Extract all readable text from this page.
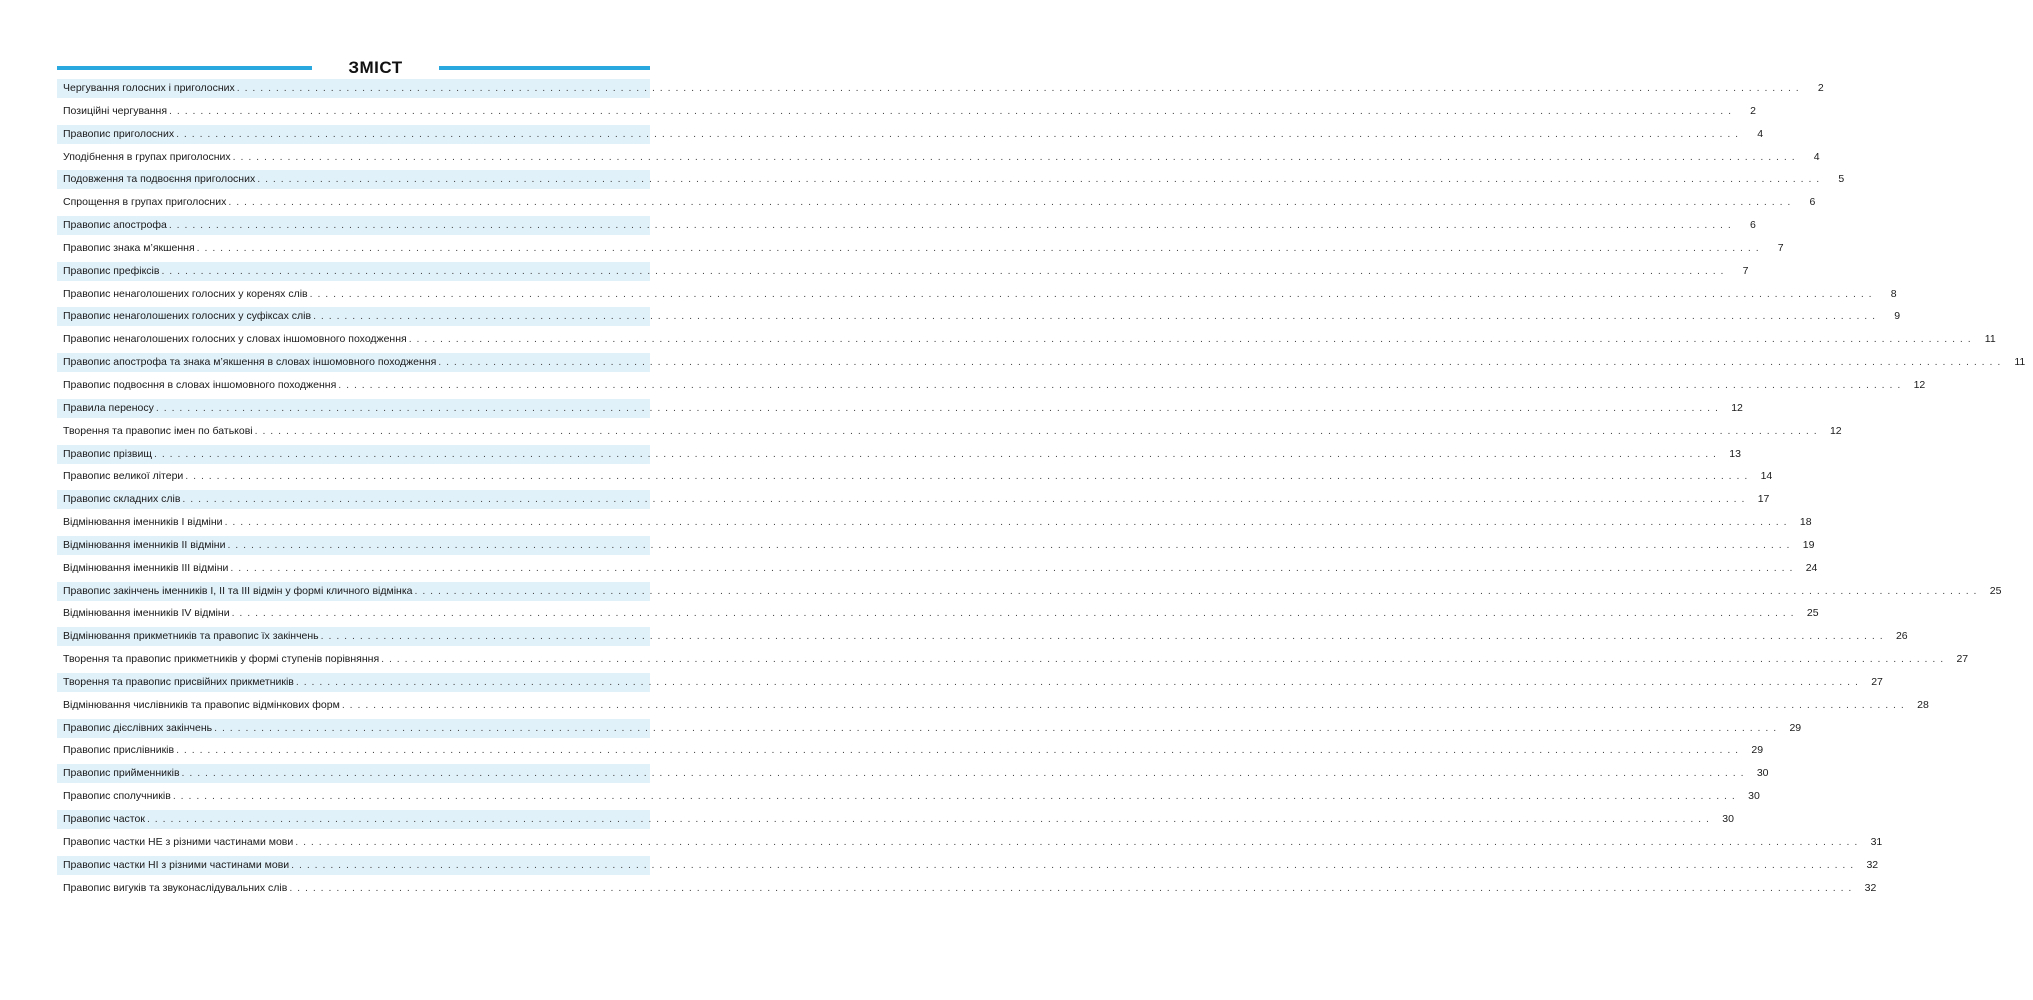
ЗМІСТ
Чергування голосних і приголосних . . . . . . . . . . . . . . . . . . . . . . . . . . . . . . . . . . . . . . . . . . . . . . . . . . . . . . . . . . . . . . . . . . . . . . . . . . . . . . . . . . . . . . . . . . . . . . . . . . . . . . . . . . . . . . . . . . . . . . . . . . . . . . . . . . . . . . . . . . . . . . . . . . . . . . . . . . . . . . . . . . . . . . . . . . . . . . . . . . . . . . . . . . . . . . . . . . . . . . . .	2
Позиційні чергування . . . . . . . . . . . . . . . . . . . . . . . . . . . . . . . . . . . . . . . . . . . . . . . . . . . . . . . . . . . . . . . . . . . . . . . . . . . . . . . . . . . . . . . . . . . . . . . . . . . . . . . . . . . . . . . . . . . . . . . . . . . . . . . . . . . . . . . . . . . . . . . . . . . . . . . . . . . . . . . . . . . . . . . . . . . . . . . . . . . . . . . . . . . . . . . . . . . . . . . .	2
Правопис приголосних . . . . . . . . . . . . . . . . . . . . . . . . . . . . . . . . . . . . . . . . . . . . . . . . . . . . . . . . . . . . . . . . . . . . . . . . . . . . . . . . . . . . . . . . . . . . . . . . . . . . . . . . . . . . . . . . . . . . . . . . . . . . . . . . . . . . . . . . . . . . . . . . . . . . . . . . . . . . . . . . . . . . . . . . . . . . . . . . . . . . . . . . . . . . . . . . . . . . . . . .	4
Уподібнення в групах приголосних . . . . . . . . . . . . . . . . . . . . . . . . . . . . . . . . . . . . . . . . . . . . . . . . . . . . . . . . . . . . . . . . . . . . . . . . . . . . . . . . . . . . . . . . . . . . . . . . . . . . . . . . . . . . . . . . . . . . . . . . . . . . . . . . . . . . . . . . . . . . . . . . . . . . . . . . . . . . . . . . . . . . . . . . . . . . . . . . . . . . . . . . . . . . . . . . . . . . . . . .	4
Подовження та подвоєння приголосних . . . . . . . . . . . . . . . . . . . . . . . . . . . . . . . . . . . . . . . . . . . . . . . . . . . . . . . . . . . . . . . . . . . . . . . . . . . . . . . . . . . . . . . . . . . . . . . . . . . . . . . . . . . . . . . . . . . . . . . . . . . . . . . . . . . . . . . . . . . . . . . . . . . . . . . . . . . . . . . . . . . . . . . . . . . . . . . . . . . . . . . . . . . . . . . . . . . . . . . .	5
Спрощення в групах приголосних . . . . . . . . . . . . . . . . . . . . . . . . . . . . . . . . . . . . . . . . . . . . . . . . . . . . . . . . . . . . . . . . . . . . . . . . . . . . . . . . . . . . . . . . . . . . . . . . . . . . . . . . . . . . . . . . . . . . . . . . . . . . . . . . . . . . . . . . . . . . . . . . . . . . . . . . . . . . . . . . . . . . . . . . . . . . . . . . . . . . . . . . . . . . . . . . . . . . . . . .	6
Правопис апострофа . . . . . . . . . . . . . . . . . . . . . . . . . . . . . . . . . . . . . . . . . . . . . . . . . . . . . . . . . . . . . . . . . . . . . . . . . . . . . . . . . . . . . . . . . . . . . . . . . . . . . . . . . . . . . . . . . . . . . . . . . . . . . . . . . . . . . . . . . . . . . . . . . . . . . . . . . . . . . . . . . . . . . . . . . . . . . . . . . . . . . . . . . . . . . . . . . . . . . . . .	6
Правопис знака м’якшення . . . . . . . . . . . . . . . . . . . . . . . . . . . . . . . . . . . . . . . . . . . . . . . . . . . . . . . . . . . . . . . . . . . . . . . . . . . . . . . . . . . . . . . . . . . . . . . . . . . . . . . . . . . . . . . . . . . . . . . . . . . . . . . . . . . . . . . . . . . . . . . . . . . . . . . . . . . . . . . . . . . . . . . . . . . . . . . . . . . . . . . . . . . . . . . . . . . . . . . .	7
Правопис префіксів . . . . . . . . . . . . . . . . . . . . . . . . . . . . . . . . . . . . . . . . . . . . . . . . . . . . . . . . . . . . . . . . . . . . . . . . . . . . . . . . . . . . . . . . . . . . . . . . . . . . . . . . . . . . . . . . . . . . . . . . . . . . . . . . . . . . . . . . . . . . . . . . . . . . . . . . . . . . . . . . . . . . . . . . . . . . . . . . . . . . . . . . . . . . . . . . . . . . . . . .	7
Правопис ненаголошених голосних у коренях слів . . . . . . . . . . . . . . . . . . . . . . . . . . . . . . . . . . . . . . . . . . . . . . . . . . . . . . . . . . . . . . . . . . . . . . . . . . . . . . . . . . . . . . . . . . . . . . . . . . . . . . . . . . . . . . . . . . . . . . . . . . . . . . . . . . . . . . . . . . . . . . . . . . . . . . . . . . . . . . . . . . . . . . . . . . . . . . . . . . . . . . . . . . . . . . . . . . . . . . . .	8
Правопис ненаголошених голосних у суфіксах слів . . . . . . . . . . . . . . . . . . . . . . . . . . . . . . . . . . . . . . . . . . . . . . . . . . . . . . . . . . . . . . . . . . . . . . . . . . . . . . . . . . . . . . . . . . . . . . . . . . . . . . . . . . . . . . . . . . . . . . . . . . . . . . . . . . . . . . . . . . . . . . . . . . . . . . . . . . . . . . . . . . . . . . . . . . . . . . . . . . . . . . . . . . . . . . . . . . . . . . . .	9
Правопис ненаголошених голосних у словах іншомовного походження . . . . . . . . . . . . . . . . . . . . . . . . . . . . . . . . . . . . . . . . . . . . . . . . . . . . . . . . . . . . . . . . . . . . . . . . . . . . . . . . . . . . . . . . . . . . . . . . . . . . . . . . . . . . . . . . . . . . . . . . . . . . . . . . . . . . . . . . . . . . . . . . . . . . . . . . . . . . . . . . . . . . . . . . . . . . . . . . . . . . . . . . . . . . . . . . . . . . . . . .	11
Правопис апострофа та знака м’якшення в словах іншомовного походження . . . . . . . . . . . . . . . . . . . . . . . . . . . . . . . . . . . . . . . . . . . . . . . . . . . . . . . . . . . . . . . . . . . . . . . . . . . . . . . . . . . . . . . . . . . . . . . . . . . . . . . . . . . . . . . . . . . . . . . . . . . . . . . . . . . . . . . . . . . . . . . . . . . . . . . . . . . . . . . . . . . . . . . . . . . . . . . . . . . . . . . . . . . . . . . . . . . . . . . .	11
Правопис подвоєння в словах іншомовного походження . . . . . . . . . . . . . . . . . . . . . . . . . . . . . . . . . . . . . . . . . . . . . . . . . . . . . . . . . . . . . . . . . . . . . . . . . . . . . . . . . . . . . . . . . . . . . . . . . . . . . . . . . . . . . . . . . . . . . . . . . . . . . . . . . . . . . . . . . . . . . . . . . . . . . . . . . . . . . . . . . . . . . . . . . . . . . . . . . . . . . . . . . . . . . . . . . . . . . . . .	12
Правила переносу . . . . . . . . . . . . . . . . . . . . . . . . . . . . . . . . . . . . . . . . . . . . . . . . . . . . . . . . . . . . . . . . . . . . . . . . . . . . . . . . . . . . . . . . . . . . . . . . . . . . . . . . . . . . . . . . . . . . . . . . . . . . . . . . . . . . . . . . . . . . . . . . . . . . . . . . . . . . . . . . . . . . . . . . . . . . . . . . . . . . . . . . . . . . . . . . . . . . . . . .	12
Творення та правопис імен по батькові . . . . . . . . . . . . . . . . . . . . . . . . . . . . . . . . . . . . . . . . . . . . . . . . . . . . . . . . . . . . . . . . . . . . . . . . . . . . . . . . . . . . . . . . . . . . . . . . . . . . . . . . . . . . . . . . . . . . . . . . . . . . . . . . . . . . . . . . . . . . . . . . . . . . . . . . . . . . . . . . . . . . . . . . . . . . . . . . . . . . . . . . . . . . . . . . . . . . . . . .	12
Правопис прізвищ . . . . . . . . . . . . . . . . . . . . . . . . . . . . . . . . . . . . . . . . . . . . . . . . . . . . . . . . . . . . . . . . . . . . . . . . . . . . . . . . . . . . . . . . . . . . . . . . . . . . . . . . . . . . . . . . . . . . . . . . . . . . . . . . . . . . . . . . . . . . . . . . . . . . . . . . . . . . . . . . . . . . . . . . . . . . . . . . . . . . . . . . . . . . . . . . . . . . . . . .	13
Правопис великої літери . . . . . . . . . . . . . . . . . . . . . . . . . . . . . . . . . . . . . . . . . . . . . . . . . . . . . . . . . . . . . . . . . . . . . . . . . . . . . . . . . . . . . . . . . . . . . . . . . . . . . . . . . . . . . . . . . . . . . . . . . . . . . . . . . . . . . . . . . . . . . . . . . . . . . . . . . . . . . . . . . . . . . . . . . . . . . . . . . . . . . . . . . . . . . . . . . . . . . . . .	14
Правопис складних слів . . . . . . . . . . . . . . . . . . . . . . . . . . . . . . . . . . . . . . . . . . . . . . . . . . . . . . . . . . . . . . . . . . . . . . . . . . . . . . . . . . . . . . . . . . . . . . . . . . . . . . . . . . . . . . . . . . . . . . . . . . . . . . . . . . . . . . . . . . . . . . . . . . . . . . . . . . . . . . . . . . . . . . . . . . . . . . . . . . . . . . . . . . . . . . . . . . . . . . . .	17
Відмінювання іменників І відміни . . . . . . . . . . . . . . . . . . . . . . . . . . . . . . . . . . . . . . . . . . . . . . . . . . . . . . . . . . . . . . . . . . . . . . . . . . . . . . . . . . . . . . . . . . . . . . . . . . . . . . . . . . . . . . . . . . . . . . . . . . . . . . . . . . . . . . . . . . . . . . . . . . . . . . . . . . . . . . . . . . . . . . . . . . . . . . . . . . . . . . . . . . . . . . . . . . . . . . . .	18
Відмінювання іменників ІІ відміни . . . . . . . . . . . . . . . . . . . . . . . . . . . . . . . . . . . . . . . . . . . . . . . . . . . . . . . . . . . . . . . . . . . . . . . . . . . . . . . . . . . . . . . . . . . . . . . . . . . . . . . . . . . . . . . . . . . . . . . . . . . . . . . . . . . . . . . . . . . . . . . . . . . . . . . . . . . . . . . . . . . . . . . . . . . . . . . . . . . . . . . . . . . . . . . . . . . . . . . .	19
Відмінювання іменників ІІІ відміни . . . . . . . . . . . . . . . . . . . . . . . . . . . . . . . . . . . . . . . . . . . . . . . . . . . . . . . . . . . . . . . . . . . . . . . . . . . . . . . . . . . . . . . . . . . . . . . . . . . . . . . . . . . . . . . . . . . . . . . . . . . . . . . . . . . . . . . . . . . . . . . . . . . . . . . . . . . . . . . . . . . . . . . . . . . . . . . . . . . . . . . . . . . . . . . . . . . . . . . .	24
Правопис закінчень іменників І, ІІ та ІІІ відмін у формі кличного відмінка . . . . . . . . . . . . . . . . . . . . . . . . . . . . . . . . . . . . . . . . . . . . . . . . . . . . . . . . . . . . . . . . . . . . . . . . . . . . . . . . . . . . . . . . . . . . . . . . . . . . . . . . . . . . . . . . . . . . . . . . . . . . . . . . . . . . . . . . . . . . . . . . . . . . . . . . . . . . . . . . . . . . . . . . . . . . . . . . . . . . . . . . . . . . . . . . . . . . . . . .	25
Відмінювання іменників IV відміни . . . . . . . . . . . . . . . . . . . . . . . . . . . . . . . . . . . . . . . . . . . . . . . . . . . . . . . . . . . . . . . . . . . . . . . . . . . . . . . . . . . . . . . . . . . . . . . . . . . . . . . . . . . . . . . . . . . . . . . . . . . . . . . . . . . . . . . . . . . . . . . . . . . . . . . . . . . . . . . . . . . . . . . . . . . . . . . . . . . . . . . . . . . . . . . . . . . . . . . .	25
Відмінювання прикметників та правопис їх закінчень . . . . . . . . . . . . . . . . . . . . . . . . . . . . . . . . . . . . . . . . . . . . . . . . . . . . . . . . . . . . . . . . . . . . . . . . . . . . . . . . . . . . . . . . . . . . . . . . . . . . . . . . . . . . . . . . . . . . . . . . . . . . . . . . . . . . . . . . . . . . . . . . . . . . . . . . . . . . . . . . . . . . . . . . . . . . . . . . . . . . . . . . . . . . . . . . . . . . . . . .	26
Творення та правопис прикметників у формі ступенів порівняння . . . . . . . . . . . . . . . . . . . . . . . . . . . . . . . . . . . . . . . . . . . . . . . . . . . . . . . . . . . . . . . . . . . . . . . . . . . . . . . . . . . . . . . . . . . . . . . . . . . . . . . . . . . . . . . . . . . . . . . . . . . . . . . . . . . . . . . . . . . . . . . . . . . . . . . . . . . . . . . . . . . . . . . . . . . . . . . . . . . . . . . . . . . . . . . . . . . . . . . .	27
Творення та правопис присвійних прикметників . . . . . . . . . . . . . . . . . . . . . . . . . . . . . . . . . . . . . . . . . . . . . . . . . . . . . . . . . . . . . . . . . . . . . . . . . . . . . . . . . . . . . . . . . . . . . . . . . . . . . . . . . . . . . . . . . . . . . . . . . . . . . . . . . . . . . . . . . . . . . . . . . . . . . . . . . . . . . . . . . . . . . . . . . . . . . . . . . . . . . . . . . . . . . . . . . . . . . . . .	27
Відмінювання числівників та правопис відмінкових форм . . . . . . . . . . . . . . . . . . . . . . . . . . . . . . . . . . . . . . . . . . . . . . . . . . . . . . . . . . . . . . . . . . . . . . . . . . . . . . . . . . . . . . . . . . . . . . . . . . . . . . . . . . . . . . . . . . . . . . . . . . . . . . . . . . . . . . . . . . . . . . . . . . . . . . . . . . . . . . . . . . . . . . . . . . . . . . . . . . . . . . . . . . . . . . . . . . . . . . . .	28
Правопис дієслівних закінчень . . . . . . . . . . . . . . . . . . . . . . . . . . . . . . . . . . . . . . . . . . . . . . . . . . . . . . . . . . . . . . . . . . . . . . . . . . . . . . . . . . . . . . . . . . . . . . . . . . . . . . . . . . . . . . . . . . . . . . . . . . . . . . . . . . . . . . . . . . . . . . . . . . . . . . . . . . . . . . . . . . . . . . . . . . . . . . . . . . . . . . . . . . . . . . . . . . . . . . . .	29
Правопис прислівників . . . . . . . . . . . . . . . . . . . . . . . . . . . . . . . . . . . . . . . . . . . . . . . . . . . . . . . . . . . . . . . . . . . . . . . . . . . . . . . . . . . . . . . . . . . . . . . . . . . . . . . . . . . . . . . . . . . . . . . . . . . . . . . . . . . . . . . . . . . . . . . . . . . . . . . . . . . . . . . . . . . . . . . . . . . . . . . . . . . . . . . . . . . . . . . . . . . . . . . .	29
Правопис прийменників . . . . . . . . . . . . . . . . . . . . . . . . . . . . . . . . . . . . . . . . . . . . . . . . . . . . . . . . . . . . . . . . . . . . . . . . . . . . . . . . . . . . . . . . . . . . . . . . . . . . . . . . . . . . . . . . . . . . . . . . . . . . . . . . . . . . . . . . . . . . . . . . . . . . . . . . . . . . . . . . . . . . . . . . . . . . . . . . . . . . . . . . . . . . . . . . . . . . . . . .	30
Правопис сполучників . . . . . . . . . . . . . . . . . . . . . . . . . . . . . . . . . . . . . . . . . . . . . . . . . . . . . . . . . . . . . . . . . . . . . . . . . . . . . . . . . . . . . . . . . . . . . . . . . . . . . . . . . . . . . . . . . . . . . . . . . . . . . . . . . . . . . . . . . . . . . . . . . . . . . . . . . . . . . . . . . . . . . . . . . . . . . . . . . . . . . . . . . . . . . . . . . . . . . . . .	30
Правопис часток . . . . . . . . . . . . . . . . . . . . . . . . . . . . . . . . . . . . . . . . . . . . . . . . . . . . . . . . . . . . . . . . . . . . . . . . . . . . . . . . . . . . . . . . . . . . . . . . . . . . . . . . . . . . . . . . . . . . . . . . . . . . . . . . . . . . . . . . . . . . . . . . . . . . . . . . . . . . . . . . . . . . . . . . . . . . . . . . . . . . . . . . . . . . . . . . . . . . . . . .	30
Правопис частки НЕ з різними частинами мови . . . . . . . . . . . . . . . . . . . . . . . . . . . . . . . . . . . . . . . . . . . . . . . . . . . . . . . . . . . . . . . . . . . . . . . . . . . . . . . . . . . . . . . . . . . . . . . . . . . . . . . . . . . . . . . . . . . . . . . . . . . . . . . . . . . . . . . . . . . . . . . . . . . . . . . . . . . . . . . . . . . . . . . . . . . . . . . . . . . . . . . . . . . . . . . . . . . . . . . .	31
Правопис частки НІ з різними частинами мови . . . . . . . . . . . . . . . . . . . . . . . . . . . . . . . . . . . . . . . . . . . . . . . . . . . . . . . . . . . . . . . . . . . . . . . . . . . . . . . . . . . . . . . . . . . . . . . . . . . . . . . . . . . . . . . . . . . . . . . . . . . . . . . . . . . . . . . . . . . . . . . . . . . . . . . . . . . . . . . . . . . . . . . . . . . . . . . . . . . . . . . . . . . . . . . . . . . . . . . .	32
Правопис вигуків та звуконаслідувальних слів . . . . . . . . . . . . . . . . . . . . . . . . . . . . . . . . . . . . . . . . . . . . . . . . . . . . . . . . . . . . . . . . . . . . . . . . . . . . . . . . . . . . . . . . . . . . . . . . . . . . . . . . . . . . . . . . . . . . . . . . . . . . . . . . . . . . . . . . . . . . . . . . . . . . . . . . . . . . . . . . . . . . . . . . . . . . . . . . . . . . . . . . . . . . . . . . . . . . . . . .	32
